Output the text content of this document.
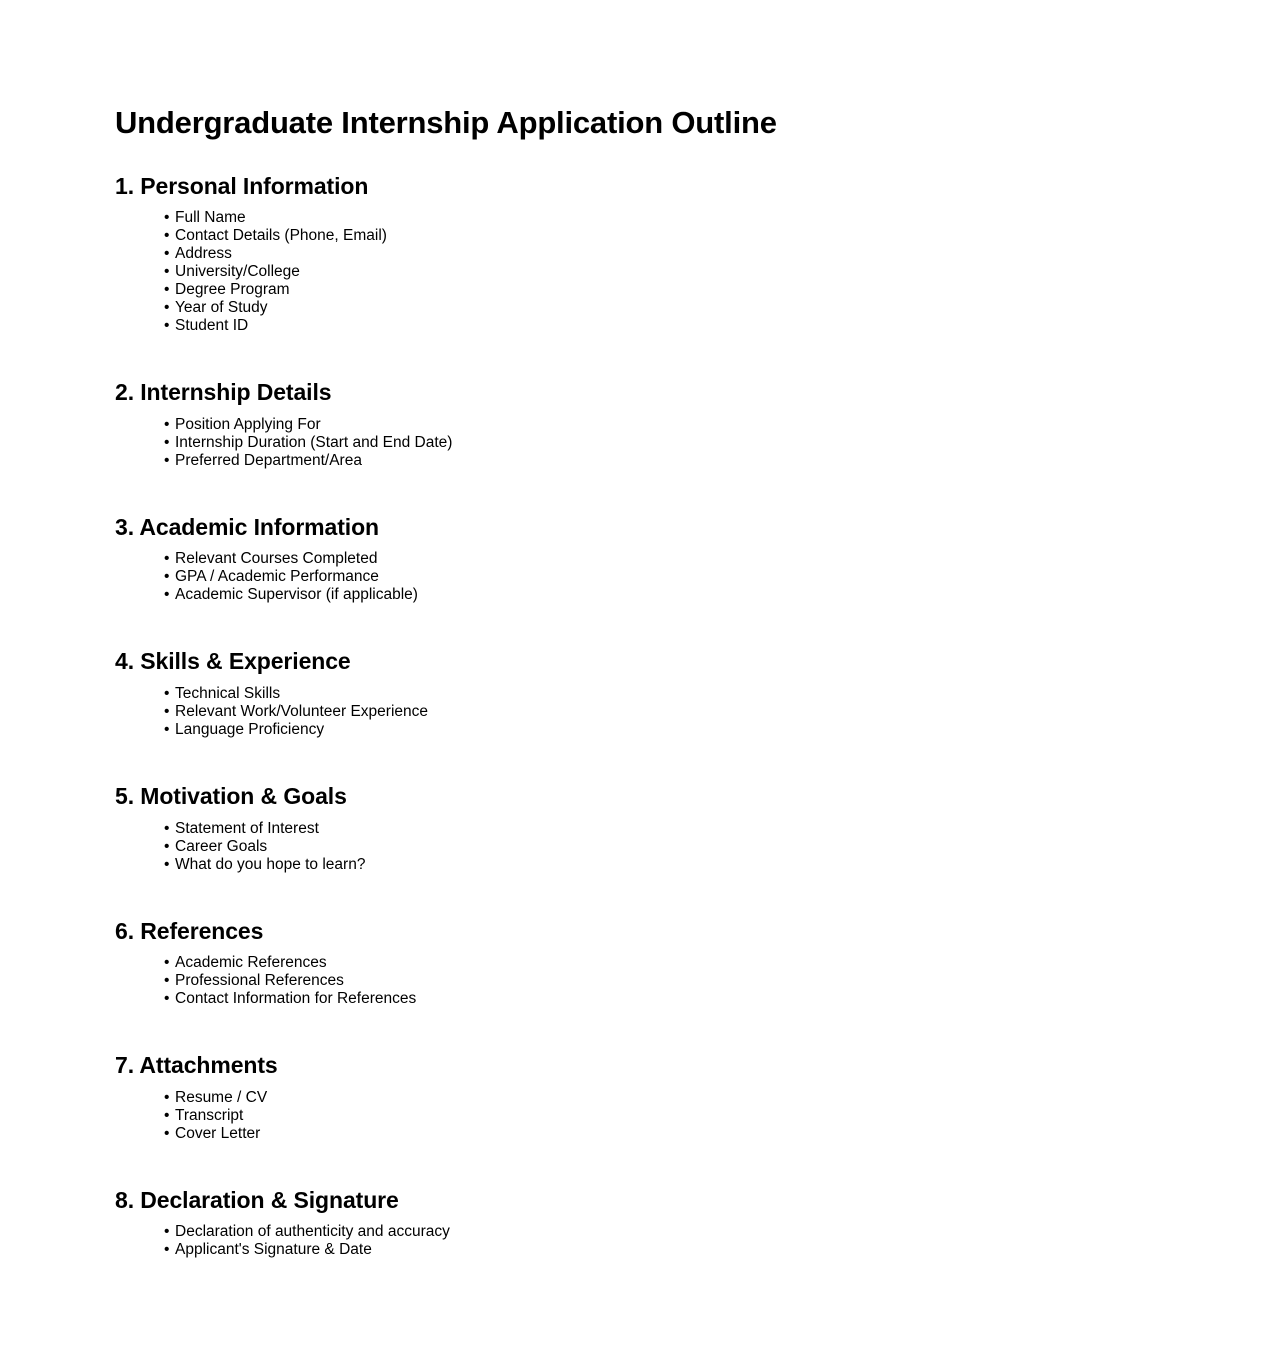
Undergraduate Internship Application Outline
1. Personal Information
• Full Name
• Contact Details (Phone, Email)
• Address
• University/College
• Degree Program
• Year of Study
• Student ID
2. Internship Details
• Position Applying For
• Internship Duration (Start and End Date)
• Preferred Department/Area
3. Academic Information
• Relevant Courses Completed
• GPA / Academic Performance
• Academic Supervisor (if applicable)
4. Skills & Experience
• Technical Skills
• Relevant Work/Volunteer Experience
• Language Proficiency
5. Motivation & Goals
• Statement of Interest
• Career Goals
• What do you hope to learn?
6. References
• Academic References
• Professional References
• Contact Information for References
7. Attachments
• Resume / CV
• Transcript
• Cover Letter
8. Declaration & Signature
• Declaration of authenticity and accuracy
• Applicant's Signature & Date
